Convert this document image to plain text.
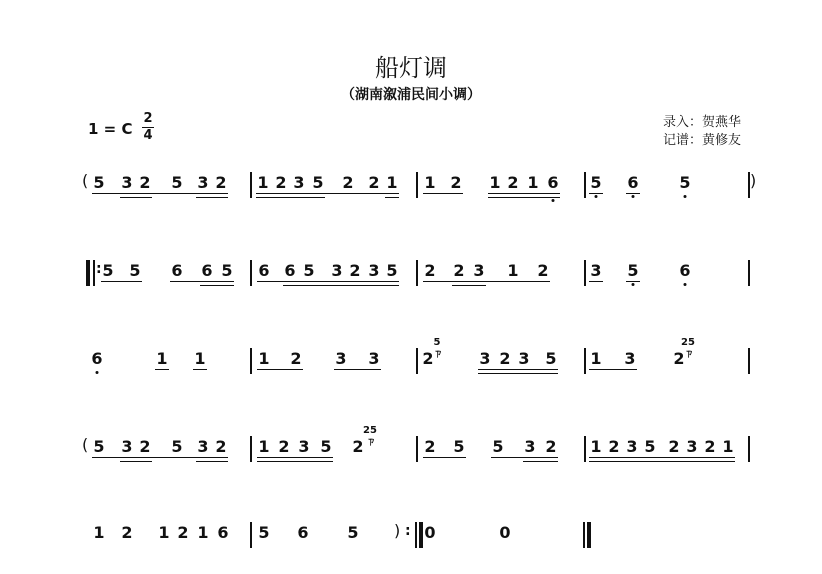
船灯调
（湖南溆浦民间小调）
1 = C
2
4
录入：贺燕华
记谱：黄修友
(	)
5 3 2 5 3 2 1 2 3 5 2 2 1 1 2 1 2 1 6 5 6	5
: 5 5 6 6 5 6 6 5 3 2 3 5 2 2 3 1 2	3 5	6
6	1 1	1 2 3 3	2	3 2 3 5 1 3 2
5
ㄗ
25
ㄗ
( 5 3 2 5 3 2 1 2 3 5 2	2 5 5 3 2 1 2 3 5 2 3 2 1
25
ㄗ
) :
1 2 1 2 1 6 5 6 5	0	0
